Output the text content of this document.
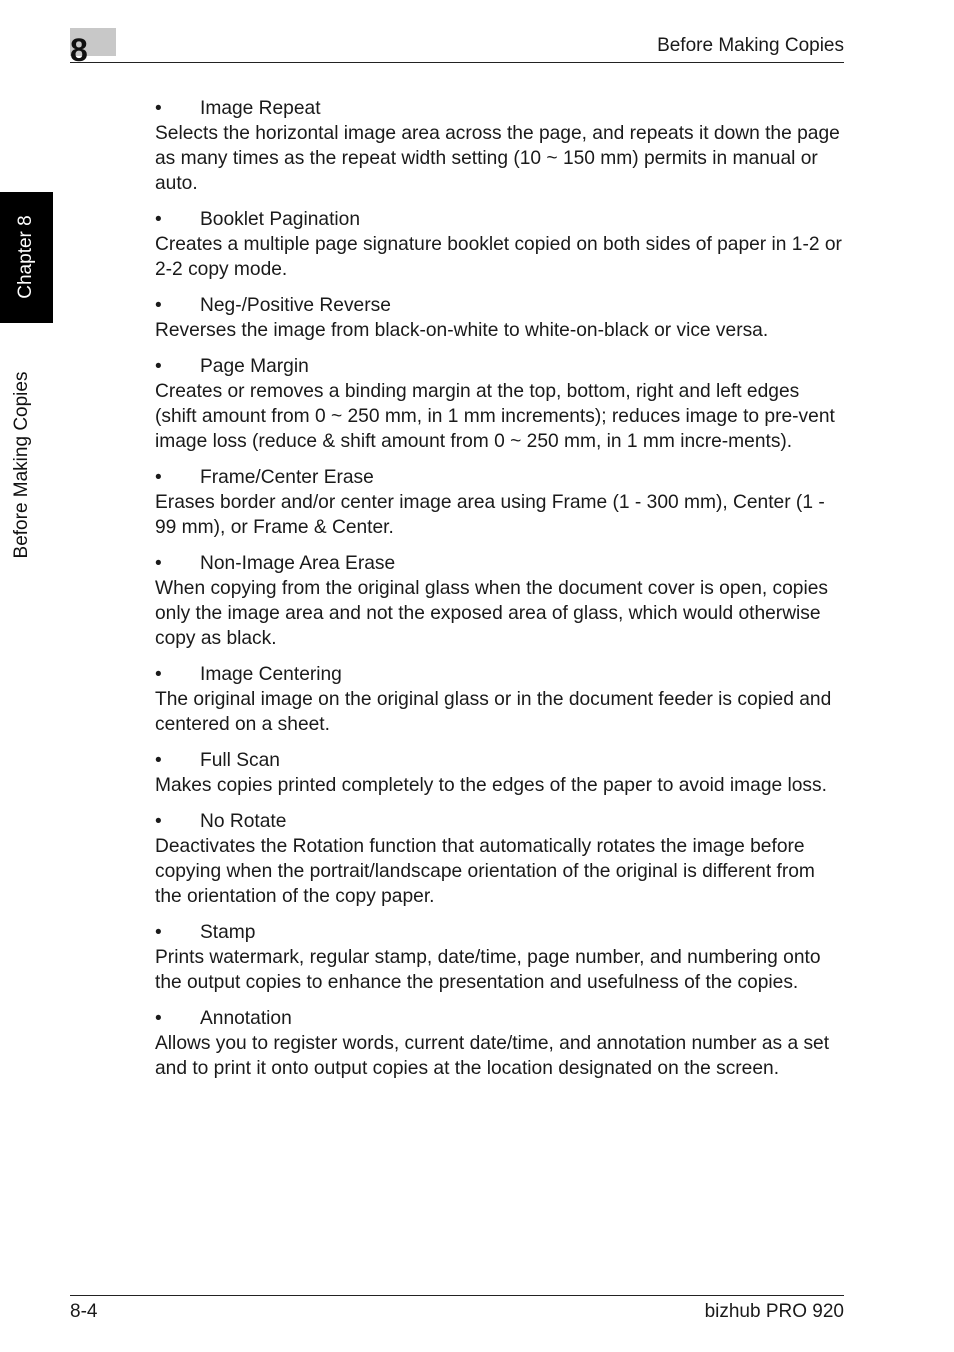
8	Before Making Copies
Chapter 8
Before Making Copies
• Image Repeat

Selects the horizontal image area across the page, and repeats it down the page as many times as the repeat width setting (10 ~ 150 mm) permits in manual or auto.

• Booklet Pagination

Creates a multiple page signature booklet copied on both sides of paper in 1-2 or 2-2 copy mode.

• Neg-/Positive Reverse

Reverses the image from black-on-white to white-on-black or vice versa.

• Page Margin

Creates or removes a binding margin at the top, bottom, right and left edges (shift amount from 0 ~ 250 mm, in 1 mm increments); reduces image to pre-vent image loss (reduce & shift amount from 0 ~ 250 mm, in 1 mm incre-ments).

• Frame/Center Erase

Erases border and/or center image area using Frame (1 - 300 mm), Center (1 - 99 mm), or Frame & Center.

• Non-Image Area Erase

When copying from the original glass when the document cover is open, copies only the image area and not the exposed area of glass, which would otherwise copy as black.

• Image Centering

The original image on the original glass or in the document feeder is copied and centered on a sheet.

• Full Scan

Makes copies printed completely to the edges of the paper to avoid image loss.

• No Rotate

Deactivates the Rotation function that automatically rotates the image before copying when the portrait/landscape orientation of the original is different from the orientation of the copy paper.

• Stamp

Prints watermark, regular stamp, date/time, page number, and numbering onto the output copies to enhance the presentation and usefulness of the copies.

• Annotation

Allows you to register words, current date/time, and annotation number as a set and to print it onto output copies at the location designated on the screen.

8-4	bizhub PRO 920
